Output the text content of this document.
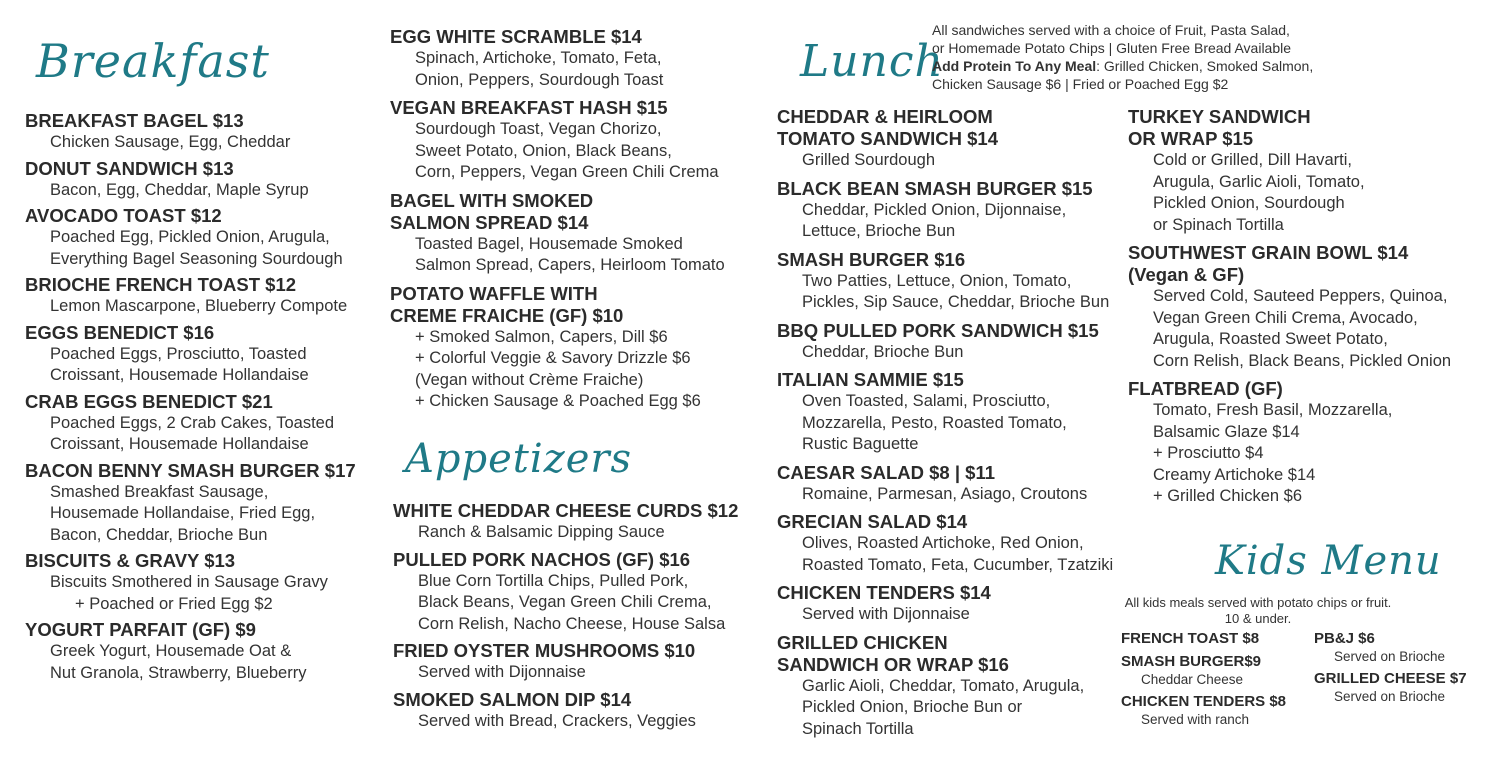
Breakfast
BREAKFAST BAGEL $13
Chicken Sausage, Egg, Cheddar
DONUT SANDWICH $13
Bacon, Egg, Cheddar, Maple Syrup
AVOCADO TOAST $12
Poached Egg, Pickled Onion, Arugula,
Everything Bagel Seasoning Sourdough
BRIOCHE FRENCH TOAST $12
Lemon Mascarpone, Blueberry Compote
EGGS BENEDICT $16
Poached Eggs, Prosciutto, Toasted
Croissant, Housemade Hollandaise
CRAB EGGS BENEDICT $21
Poached Eggs, 2 Crab Cakes, Toasted
Croissant, Housemade Hollandaise
BACON BENNY SMASH BURGER $17
Smashed Breakfast Sausage,
Housemade Hollandaise, Fried Egg,
Bacon, Cheddar, Brioche Bun
BISCUITS & GRAVY $13
Biscuits Smothered in Sausage Gravy
+ Poached or Fried Egg $2
YOGURT PARFAIT (GF) $9
Greek Yogurt, Housemade Oat &
Nut Granola, Strawberry, Blueberry
EGG WHITE SCRAMBLE $14
Spinach, Artichoke, Tomato, Feta,
Onion, Peppers, Sourdough Toast
VEGAN BREAKFAST HASH $15
Sourdough Toast, Vegan Chorizo,
Sweet Potato, Onion, Black Beans,
Corn, Peppers, Vegan Green Chili Crema
BAGEL WITH SMOKED
SALMON SPREAD $14
Toasted Bagel, Housemade Smoked
Salmon Spread, Capers, Heirloom Tomato
POTATO WAFFLE WITH
CREME FRAICHE (GF) $10
+ Smoked Salmon, Capers, Dill $6
+ Colorful Veggie & Savory Drizzle $6
(Vegan without Crème Fraiche)
+ Chicken Sausage & Poached Egg $6
Appetizers
WHITE CHEDDAR CHEESE CURDS $12
Ranch & Balsamic Dipping Sauce
PULLED PORK NACHOS (GF) $16
Blue Corn Tortilla Chips, Pulled Pork,
Black Beans, Vegan Green Chili Crema,
Corn Relish, Nacho Cheese, House Salsa
FRIED OYSTER MUSHROOMS $10
Served with Dijonnaise
SMOKED SALMON DIP $14
Served with Bread, Crackers, Veggies
Lunch
All sandwiches served with a choice of Fruit, Pasta Salad,
or Homemade Potato Chips | Gluten Free Bread Available
Add Protein To Any Meal: Grilled Chicken, Smoked Salmon,
Chicken Sausage $6 | Fried or Poached Egg $2
CHEDDAR & HEIRLOOM
TOMATO SANDWICH $14
Grilled Sourdough
BLACK BEAN SMASH BURGER $15
Cheddar, Pickled Onion, Dijonnaise,
Lettuce, Brioche Bun
SMASH BURGER $16
Two Patties, Lettuce, Onion, Tomato,
Pickles, Sip Sauce, Cheddar, Brioche Bun
BBQ PULLED PORK SANDWICH $15
Cheddar, Brioche Bun
ITALIAN SAMMIE $15
Oven Toasted, Salami, Prosciutto,
Mozzarella, Pesto, Roasted Tomato,
Rustic Baguette
CAESAR SALAD $8 | $11
Romaine, Parmesan, Asiago, Croutons
GRECIAN SALAD $14
Olives, Roasted Artichoke, Red Onion,
Roasted Tomato, Feta, Cucumber, Tzatziki
CHICKEN TENDERS $14
Served with Dijonnaise
GRILLED CHICKEN
SANDWICH OR WRAP $16
Garlic Aioli, Cheddar, Tomato, Arugula,
Pickled Onion, Brioche Bun or
Spinach Tortilla
TURKEY SANDWICH
OR WRAP $15
Cold or Grilled, Dill Havarti,
Arugula, Garlic Aioli, Tomato,
Pickled Onion, Sourdough
or Spinach Tortilla
SOUTHWEST GRAIN BOWL $14
(Vegan & GF)
Served Cold, Sauteed Peppers, Quinoa,
Vegan Green Chili Crema, Avocado,
Arugula, Roasted Sweet Potato,
Corn Relish, Black Beans, Pickled Onion
FLATBREAD (GF)
Tomato, Fresh Basil, Mozzarella,
Balsamic Glaze $14
+ Prosciutto $4
Creamy Artichoke $14
+ Grilled Chicken $6
Kids Menu
All kids meals served with potato chips or fruit.
10 & under.
FRENCH TOAST $8
SMASH BURGER$9
Cheddar Cheese
CHICKEN TENDERS $8
Served with ranch
PB&J $6
Served on Brioche
GRILLED CHEESE $7
Served on Brioche
